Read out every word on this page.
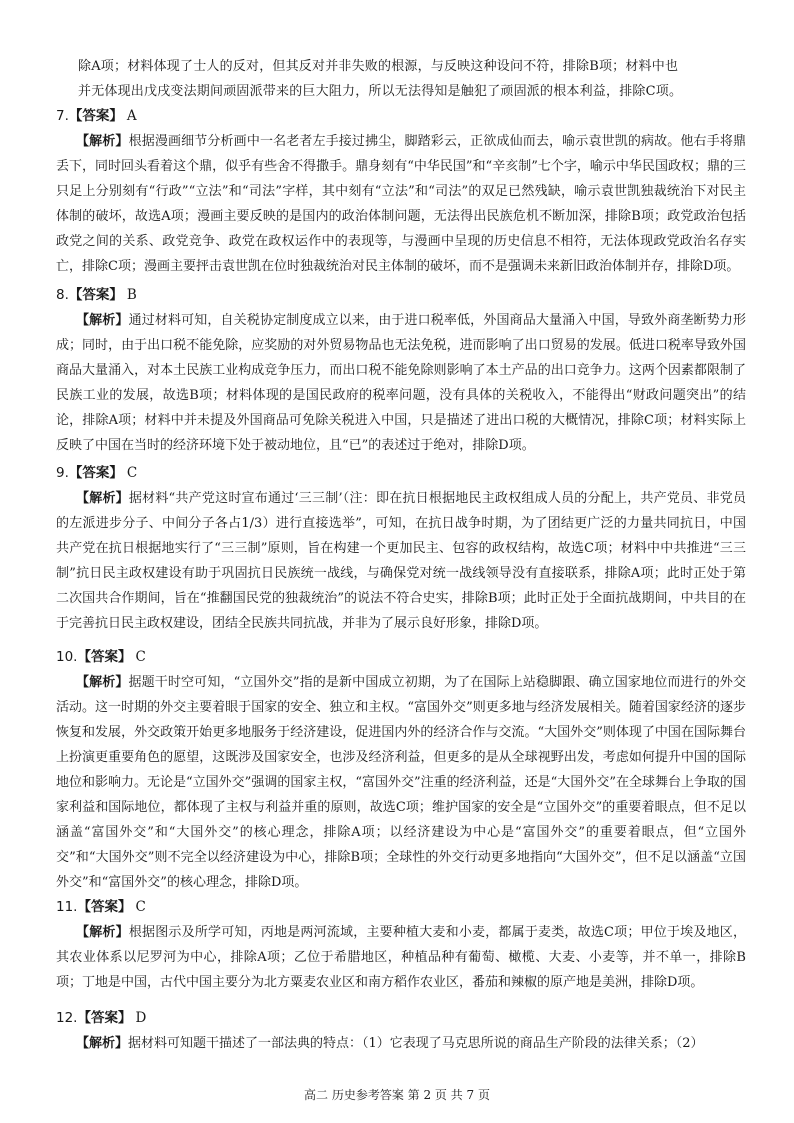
除A项；材料体现了士人的反对，但其反对并非失败的根源，与反映这种设问不符，排除B项；材料中也
并无体现出戊戌变法期间顽固派带来的巨大阻力，所以无法得知是触犯了顽固派的根本利益，排除C项。
7.【答案】 A
【解析】根据漫画细节分析画中一名老者左手接过拂尘，脚踏彩云，正欲成仙而去，喻示袁世凯的病故。他右手将鼎丢下，同时回头看着这个鼎，似乎有些舍不得撒手。鼎身刻有“中华民国”和“辛亥制”七个字，喻示中华民国政权；鼎的三只足上分别刻有“行政”“立法”和“司法”字样，其中刻有“立法”和“司法”的双足已然残缺，喻示袁世凯独裁统治下对民主体制的破坏，故选A项；漫画主要反映的是国内的政治体制问题，无法得出民族危机不断加深，排除B项；政党政治包括政党之间的关系、政党竞争、政党在政权运作中的表现等，与漫画中呈现的历史信息不相符，无法体现政党政治名存实亡，排除C项；漫画主要抨击袁世凯在位时独裁统治对民主体制的破坏，而不是强调未来新旧政治体制并存，排除D项。
8.【答案】 B
【解析】通过材料可知，自关税协定制度成立以来，由于进口税率低，外国商品大量涌入中国，导致外商垄断势力形成；同时，由于出口税不能免除，应奖励的对外贸易物品也无法免税，进而影响了出口贸易的发展。低进口税率导致外国商品大量涌入，对本土民族工业构成竞争压力，而出口税不能免除则影响了本土产品的出口竞争力。这两个因素都限制了民族工业的发展，故选B项；材料体现的是国民政府的税率问题，没有具体的关税收入，不能得出“财政问题突出”的结论，排除A项；材料中并未提及外国商品可免除关税进入中国，只是描述了进出口税的大概情况，排除C项；材料实际上反映了中国在当时的经济环境下处于被动地位，且“已”的表述过于绝对，排除D项。
9.【答案】 C
【解析】据材料“共产党这时宣布通过‘三三制’（注：即在抗日根据地民主政权组成人员的分配上，共产党员、非党员的左派进步分子、中间分子各占1/3）进行直接选举”，可知，在抗日战争时期，为了团结更广泛的力量共同抗日，中国共产党在抗日根据地实行了“三三制”原则，旨在构建一个更加民主、包容的政权结构，故选C项；材料中中共推进“三三制”抗日民主政权建设有助于巩固抗日民族统一战线，与确保党对统一战线领导没有直接联系，排除A项；此时正处于第二次国共合作期间，旨在“推翻国民党的独裁统治”的说法不符合史实，排除B项；此时正处于全面抗战期间，中共目的在于完善抗日民主政权建设，团结全民族共同抗战，并非为了展示良好形象，排除D项。
10.【答案】 C
【解析】据题干时空可知，“立国外交”指的是新中国成立初期，为了在国际上站稳脚跟、确立国家地位而进行的外交活动。这一时期的外交主要着眼于国家的安全、独立和主权。“富国外交”则更多地与经济发展相关。随着国家经济的逐步恢复和发展，外交政策开始更多地服务于经济建设，促进国内外的经济合作与交流。“大国外交”则体现了中国在国际舞台上扮演更重要角色的愿望，这既涉及国家安全，也涉及经济利益，但更多的是从全球视野出发，考虑如何提升中国的国际地位和影响力。无论是“立国外交”强调的国家主权，“富国外交”注重的经济利益，还是“大国外交”在全球舞台上争取的国家利益和国际地位，都体现了主权与利益并重的原则，故选C项；维护国家的安全是“立国外交”的重要着眼点，但不足以涵盖“富国外交”和“大国外交”的核心理念，排除A项；以经济建设为中心是“富国外交”的重要着眼点，但“立国外交”和“大国外交”则不完全以经济建设为中心，排除B项；全球性的外交行动更多地指向“大国外交”，但不足以涵盖“立国外交”和“富国外交”的核心理念，排除D项。
11.【答案】 C
【解析】根据图示及所学可知，丙地是两河流域，主要种植大麦和小麦，都属于麦类，故选C项；甲位于埃及地区，其农业体系以尼罗河为中心，排除A项；乙位于希腊地区，种植品种有葡萄、橄榄、大麦、小麦等，并不单一，排除B项；丁地是中国，古代中国主要分为北方粟麦农业区和南方稻作农业区，番茄和辣椒的原产地是美洲，排除D项。
12.【答案】 D
【解析】据材料可知题干描述了一部法典的特点：（1）它表现了马克思所说的商品生产阶段的法律关系；（2）
高二 历史参考答案 第 2 页 共 7 页
